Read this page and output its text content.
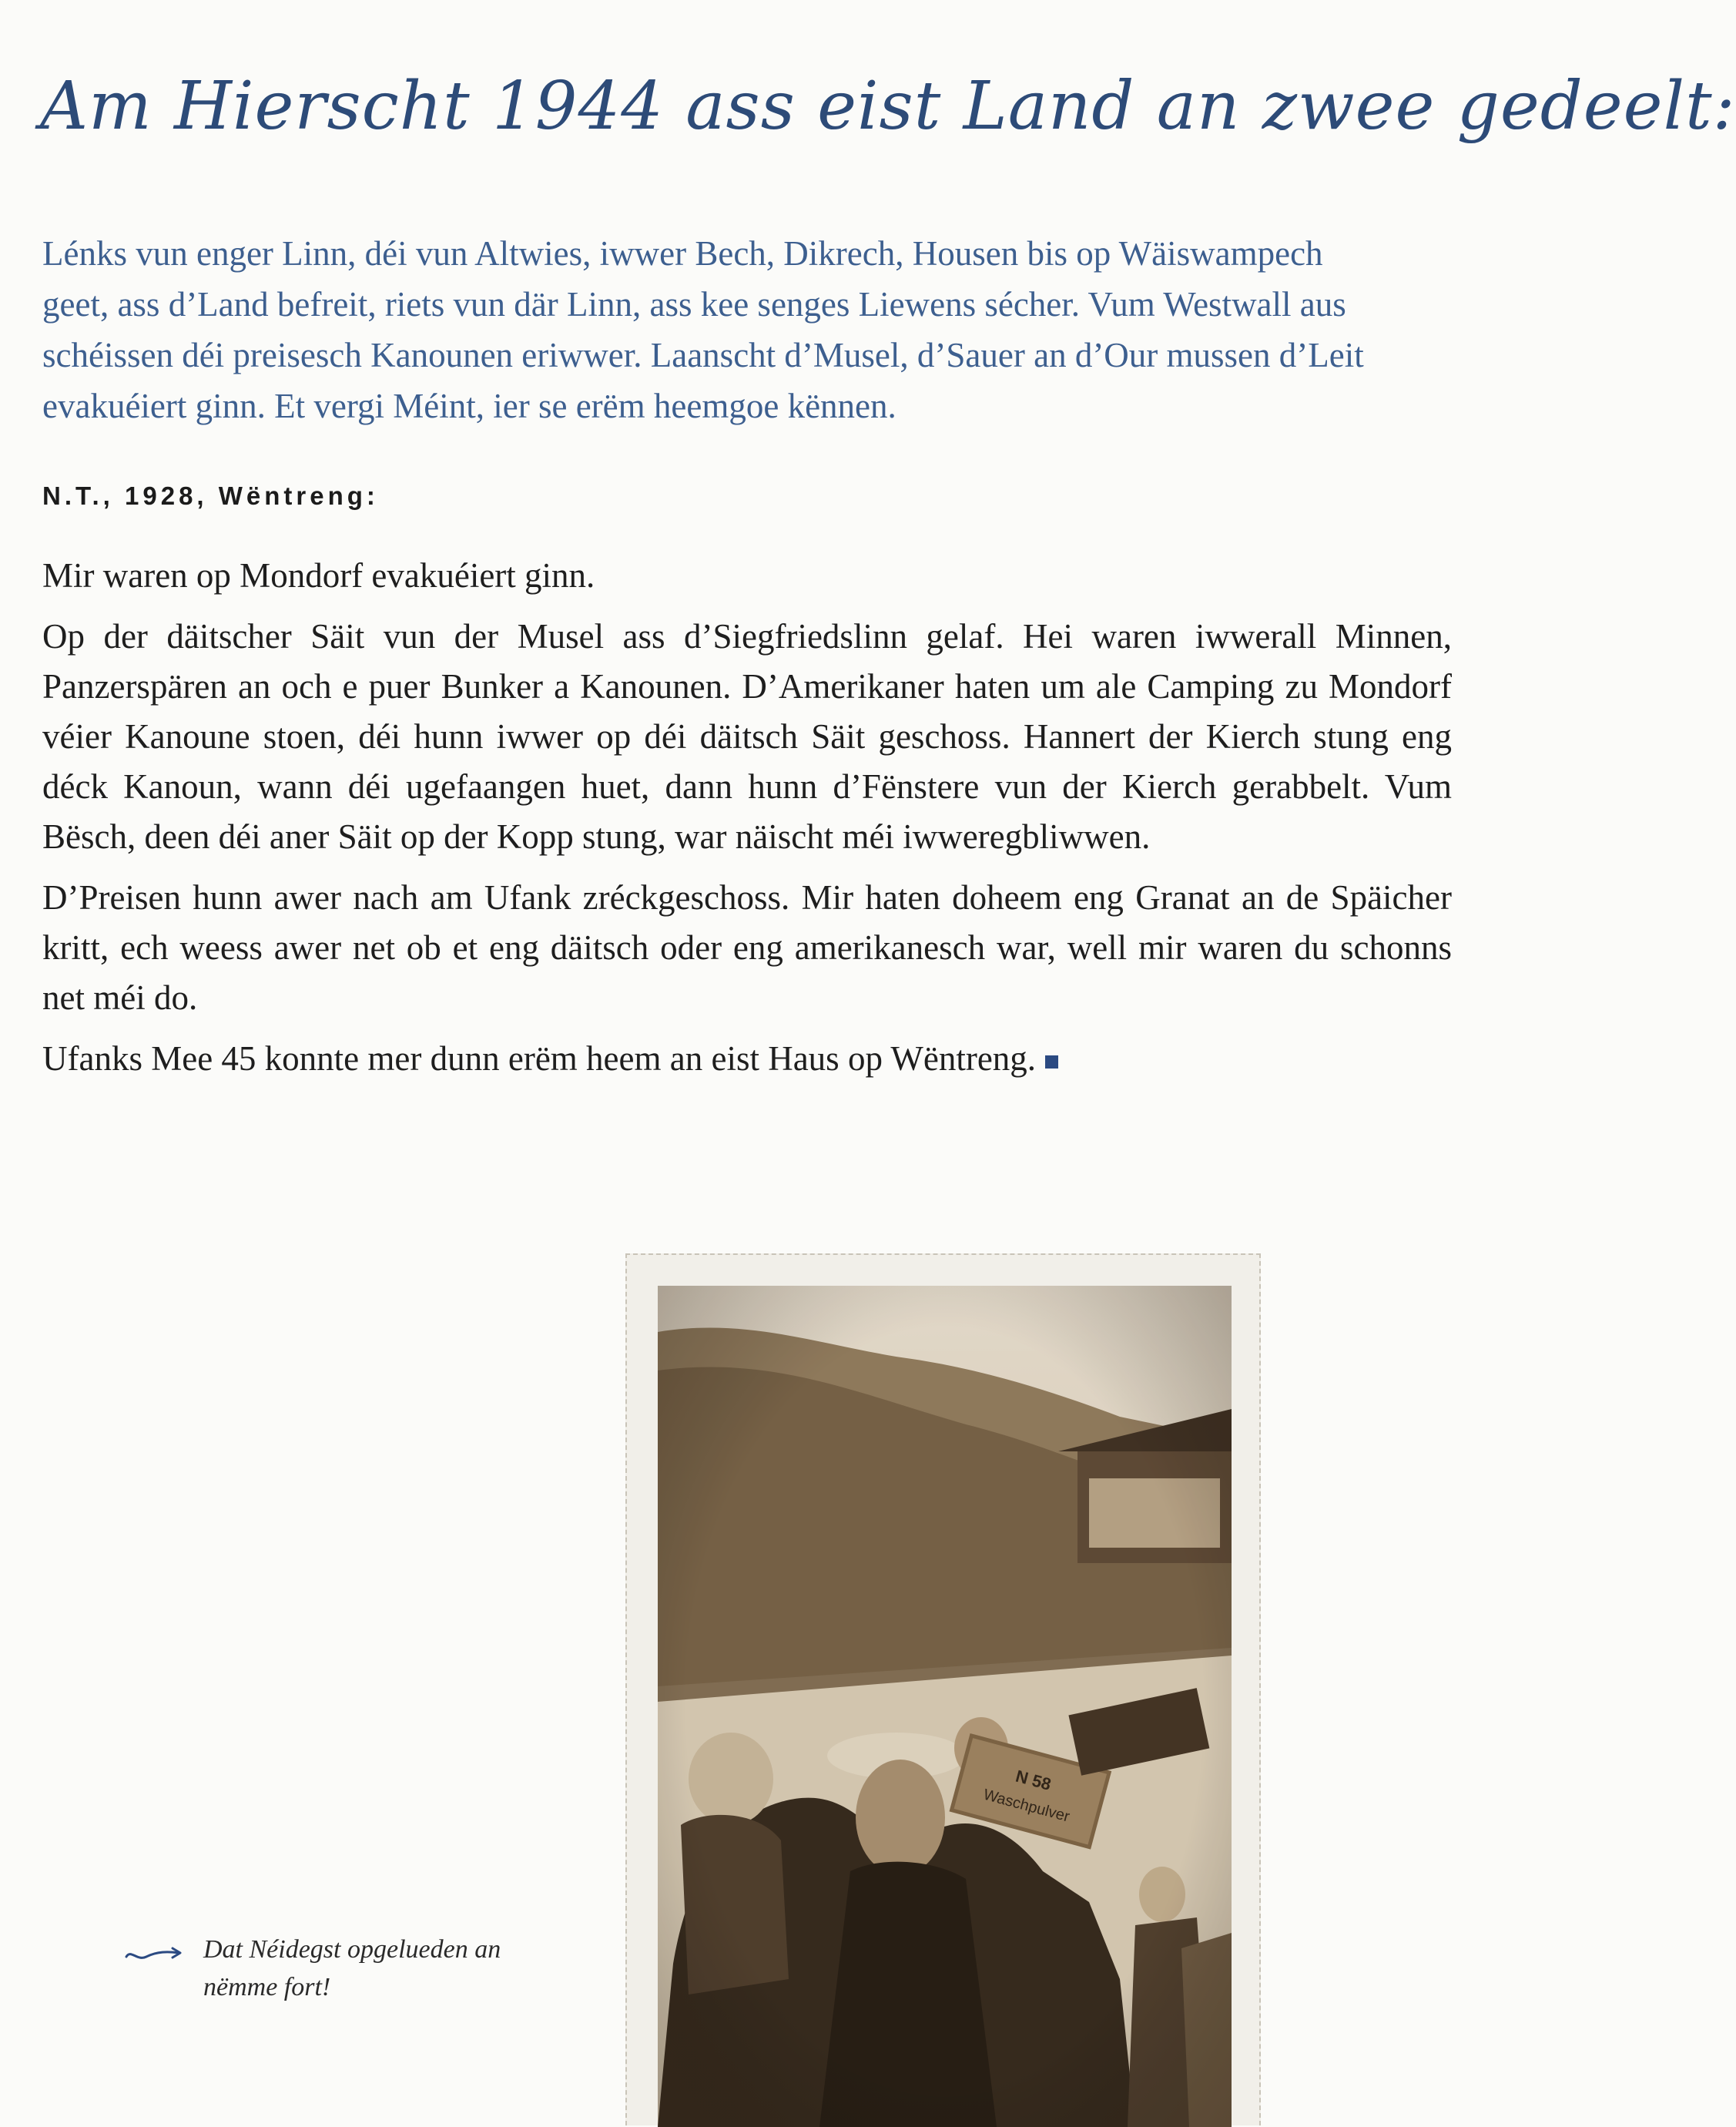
Am Hierscht 1944 ass eist Land an zwee gedeelt:

Lénks vun enger Linn, déi vun Altwies, iwwer Bech, Dikrech, Housen bis op Wäiswampech geet, ass d’Land befreit, riets vun där Linn, ass kee senges Liewens sécher. Vum Westwall aus schéissen déi preisesch Kanounen eriwwer. Laanscht d’Musel, d’Sauer an d’Our mussen d’Leit evakuéiert ginn. Et vergi Méint, ier se erëm heemgoe kënnen.

N.T., 1928, Wëntreng:

Mir waren op Mondorf evakuéiert ginn.

Op der däitscher Säit vun der Musel ass d’Siegfriedslinn gelaf. Hei waren iwwerall Minnen, Panzerspären an och e puer Bunker a Kanounen. D’Amerikaner haten um ale Camping zu Mondorf véier Kanoune stoen, déi hunn iwwer op déi däitsch Säit geschoss. Hannert der Kierch stung eng déck Kanoun, wann déi ugefaangen huet, dann hunn d’Fënstere vun der Kierch gerabbelt. Vum Bësch, deen déi aner Säit op der Kopp stung, war näischt méi iwweregbliwwen.

D’Preisen hunn awer nach am Ufank zréckgeschoss. Mir haten doheem eng Granat an de Späicher kritt, ech weess awer net ob et eng däitsch oder eng amerikanesch war, well mir waren du schonns net méi do.

Ufanks Mee 45 konnte mer dunn erëm heem an eist Haus op Wëntreng.

Dat Néidegst opgelueden an nëmme fort!
